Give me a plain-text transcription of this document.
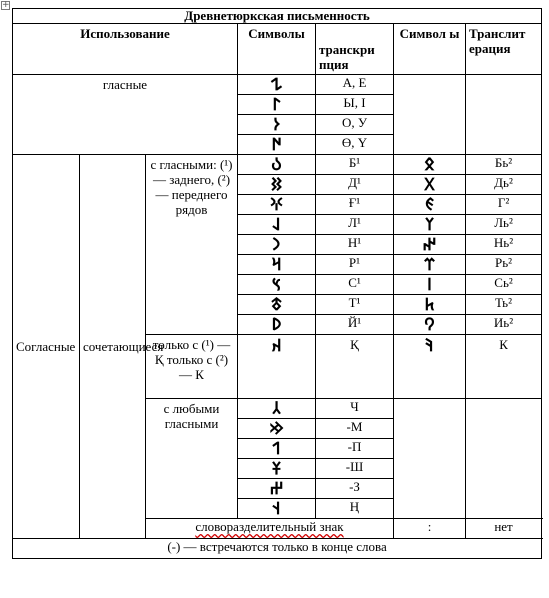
+
Древнетюркская письменность						
Использование			Символы	транскри пция	Символ ы	Транслит ерация
гласные			𐰁	А, Е		
			𐰃	Ы, І		
			𐰆	О, У		
			𐰇	Ө, Ү		
Согласные	сочетающиеся	с гласными: (¹) — заднего, (²) — переднего рядов	𐰉	Б¹	𐰋	Бь²
			𐰑	Д¹	𐰓	Дь²
			𐰍	Ғ¹	𐰏	Г²
			𐰞	Л¹	𐰠	Ль²
			𐰣	Н¹	𐰤	Нь²
			𐰺	Р¹	𐰼	Рь²
			𐰽	С¹	𐰾	Сь²
			𐱃	Т¹	𐱅	Ть²
			𐰖	Й¹	𐰘	Иь²
		только с (¹) — Қ только с (²) — К	𐰴	Қ	𐰚	К
		с любыми гласными	𐰲	Ч		
			𐰢	-М		
			𐰯	-П		
			𐱁	-Ш		
			𐰔	-З		
			𐰭	Ң		
		словоразделительный знак			:	нет
(-) — встречаются только в конце слова						
